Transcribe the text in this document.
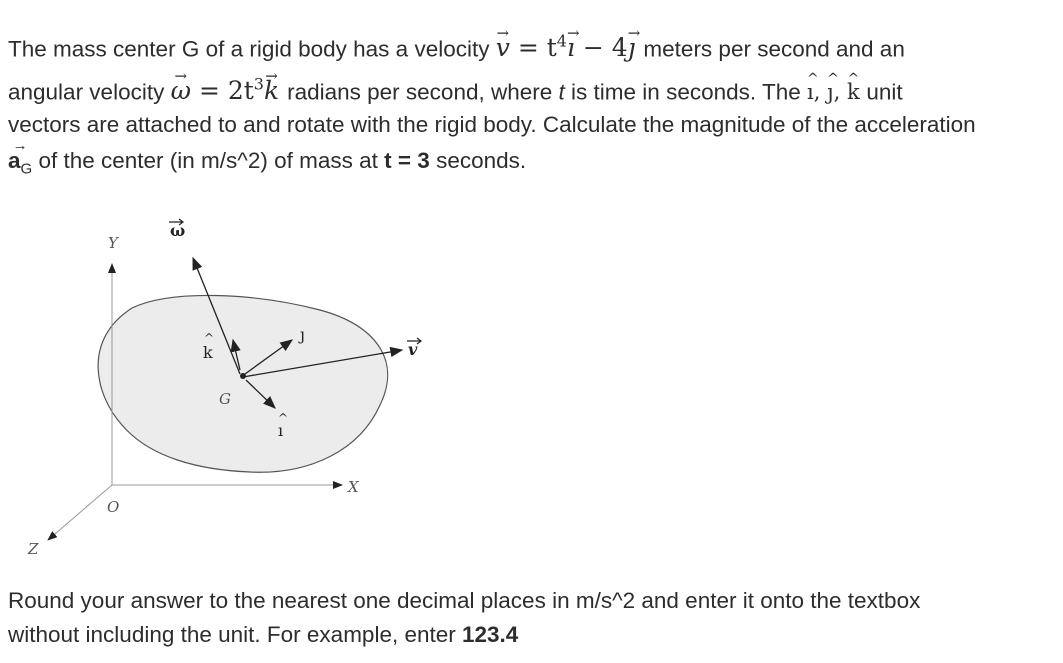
The mass center G of a rigid body has a velocity → $v = t^4\to$ ı − 4→ ȷ meters per second and an
angular velocity → $\omega = 2t^3\to k$ radians per second, where t is time in seconds. The ^ ı, ^ ȷ, ^ k unit
vectors are attached to and rotate with the rigid body. Calculate the magnitude of the acceleration
→ $a_G$ of the center (in m/s^2) of mass at t = 3 seconds.
Y
X
Z
O
ω
v
ȷ
ı
^
k
^
G
Round your answer to the nearest one decimal places in m/s^2 and enter it onto the textbox
without including the unit. For example, enter 123.4
